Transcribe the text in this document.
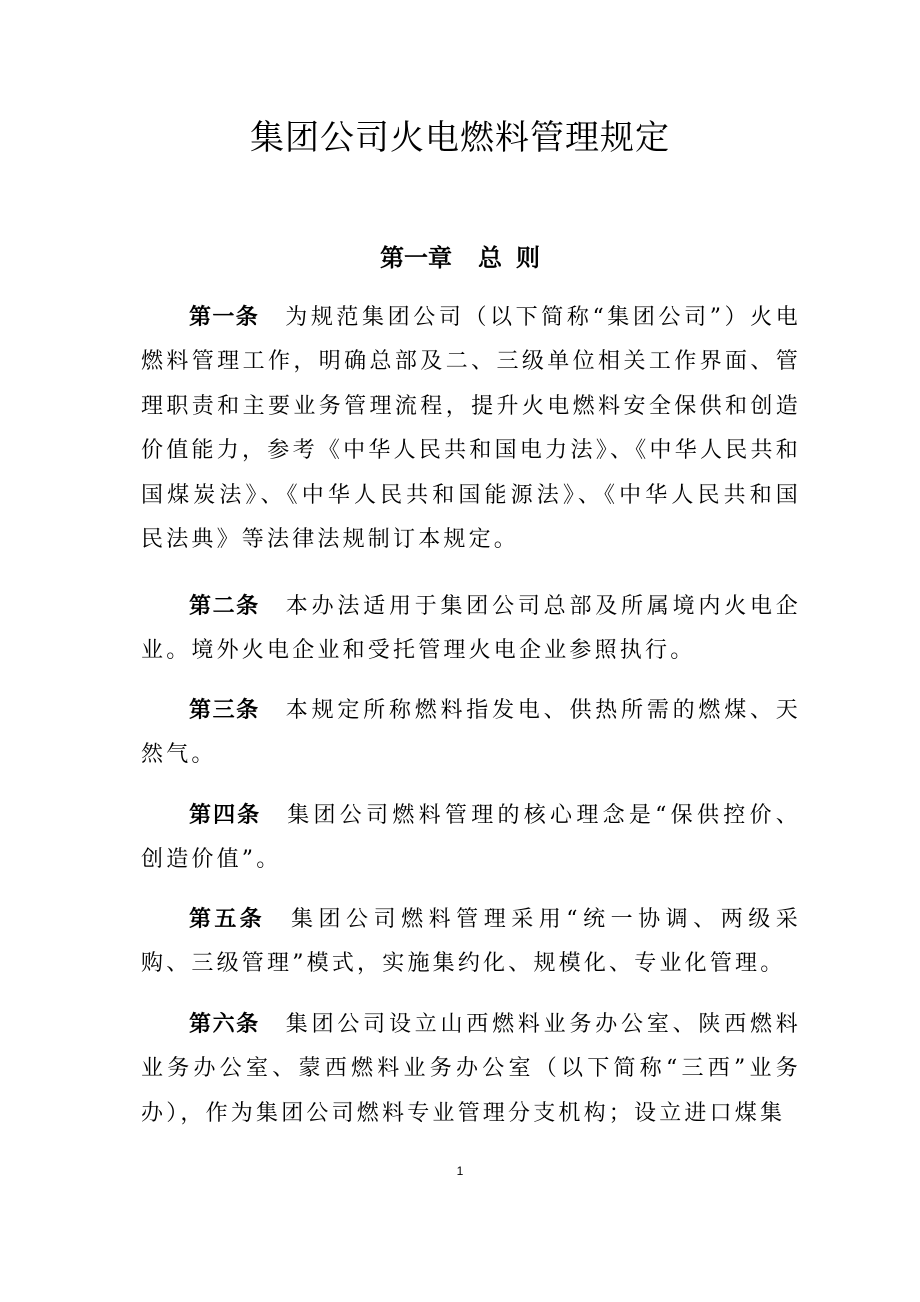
集团公司火电燃料管理规定
第一章 总 则

第一条 为规范集团公司（以下简称“集团公司”）火电燃料管理工作，明确总部及二、三级单位相关工作界面、管理职责和主要业务管理流程，提升火电燃料安全保供和创造价值能力，参考《中华人民共和国电力法》、《中华人民共和国煤炭法》、《中华人民共和国能源法》、《中华人民共和国民法典》等法律法规制订本规定。

第二条 本办法适用于集团公司总部及所属境内火电企业。境外火电企业和受托管理火电企业参照执行。

第三条 本规定所称燃料指发电、供热所需的燃煤、天然气。

第四条 集团公司燃料管理的核心理念是“保供控价、创造价值”。

第五条 集团公司燃料管理采用“统一协调、两级采购、三级管理”模式，实施集约化、规模化、专业化管理。

第六条 集团公司设立山西燃料业务办公室、陕西燃料业务办公室、蒙西燃料业务办公室（以下简称“三西”业务办），作为集团公司燃料专业管理分支机构；设立进口煤集

1
